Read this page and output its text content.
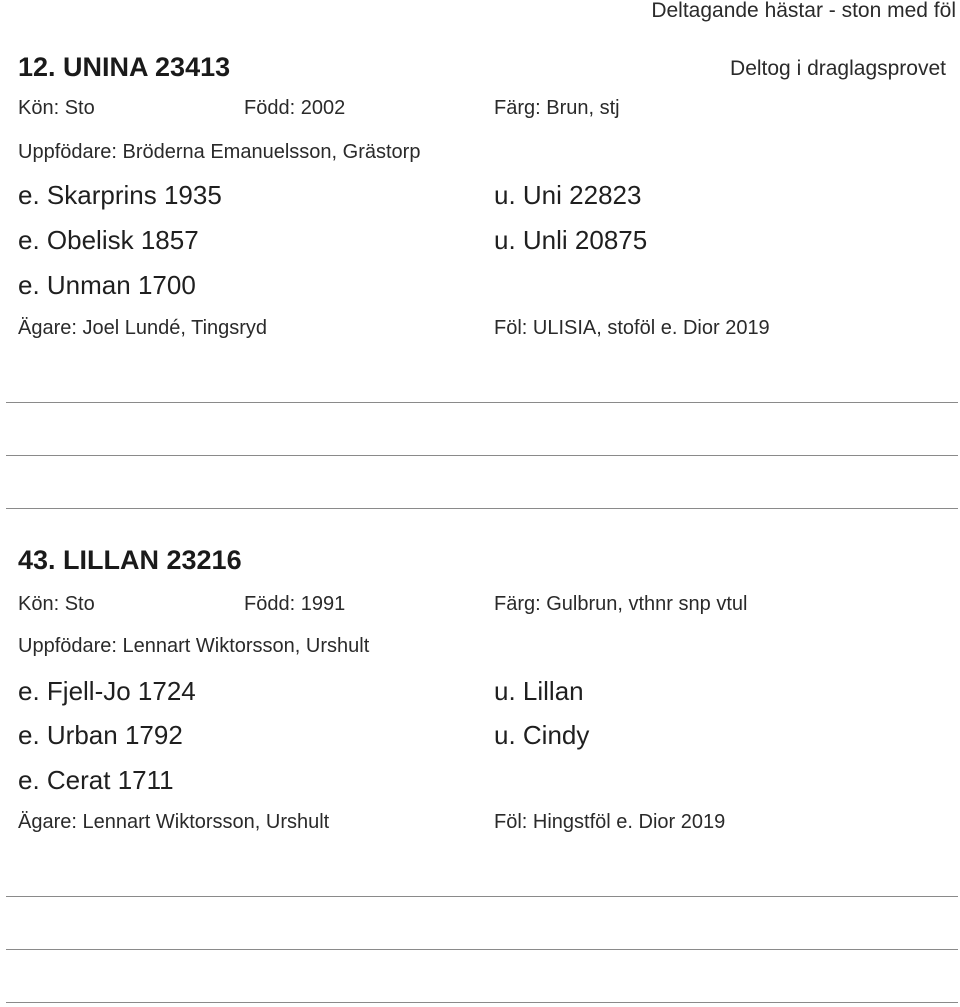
Deltagande hästar - ston med föl
12. UNINA 23413	Deltog i draglagsprovet
Kön: Sto	Född: 2002	Färg: Brun, stj
Uppfödare: Bröderna Emanuelsson, Grästorp
e. Skarprins 1935	u. Uni 22823
e. Obelisk 1857	u. Unli 20875
e. Unman 1700
Ägare: Joel Lundé, Tingsryd	Föl: ULISIA, stoföl e. Dior 2019
43. LILLAN 23216
Kön: Sto	Född: 1991	Färg: Gulbrun, vthnr snp vtul
Uppfödare: Lennart Wiktorsson, Urshult
e. Fjell-Jo 1724	u. Lillan
e. Urban 1792	u. Cindy
e. Cerat 1711
Ägare: Lennart Wiktorsson, Urshult	Föl: Hingstföl e. Dior 2019
